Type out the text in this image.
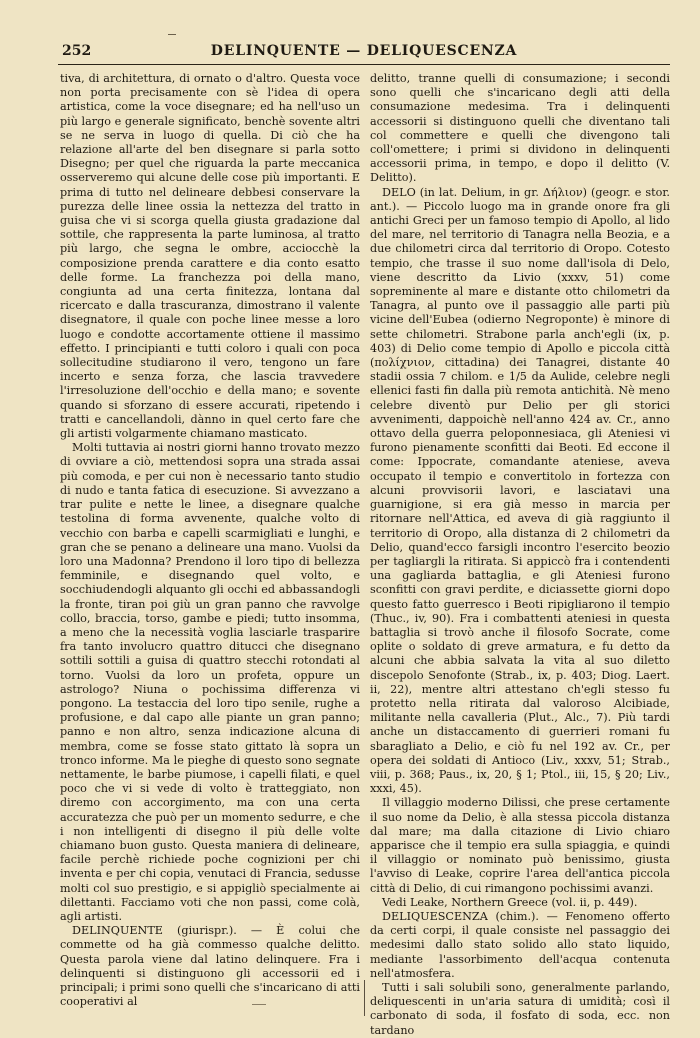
252	DELINQUENTE — DELIQUESCENZA

tiva, di architettura, di ornato o d'altro. Questa voce non porta precisamente con sè l'idea di opera artistica, come la voce disegnare; ed ha nell'uso un più largo e generale significato, benchè sovente altri se ne serva in luogo di quella. Di ciò che ha relazione all'arte del ben disegnare si parla sotto Disegno; per quel che riguarda la parte meccanica osserveremo qui alcune delle cose più importanti. E prima di tutto nel delineare debbesi conservare la purezza delle linee ossia la nettezza del tratto in guisa che vi si scorga quella giusta gradazione dal sottile, che rappresenta la parte luminosa, al tratto più largo, che segna le ombre, acciocchè la composizione prenda carattere e dia conto esatto delle forme. La franchezza poi della mano, congiunta ad una certa finitezza, lontana dal ricercato e dalla trascuranza, dimostrano il valente disegnatore, il quale con poche linee messe a loro luogo e condotte accortamente ottiene il massimo effetto. I principianti e tutti coloro i quali con poca sollecitudine studiarono il vero, tengono un fare incerto e senza forza, che lascia travvedere l'irresoluzione dell'occhio e della mano; e sovente quando si sforzano di essere accurati, ripetendo i tratti e cancellandoli, dànno in quel certo fare che gli artisti volgarmente chiamano masticato.

Molti tuttavia ai nostri giorni hanno trovato mezzo di ovviare a ciò, mettendosi sopra una strada assai più comoda, e per cui non è necessario tanto studio di nudo e tanta fatica di esecuzione. Si avvezzano a trar pulite e nette le linee, a disegnare qualche testolina di forma avvenente, qualche volto di vecchio con barba e capelli scarmigliati e lunghi, e gran che se penano a delineare una mano. Vuolsi da loro una Madonna? Prendono il loro tipo di bellezza femminile, e disegnando quel volto, e socchiudendogli alquanto gli occhi ed abbassandogli la fronte, tiran poi giù un gran panno che ravvolge collo, braccia, torso, gambe e piedi; tutto insomma, a meno che la necessità voglia lasciarle trasparire fra tanto involucro quattro ditucci che disegnano sottili sottili a guisa di quattro stecchi rotondati al torno. Vuolsi da loro un profeta, oppure un astrologo? Niuna o pochissima differenza vi pongono. La testaccia del loro tipo senile, rughe a profusione, e dal capo alle piante un gran panno; panno e non altro, senza indicazione alcuna di membra, come se fosse stato gittato là sopra un tronco informe. Ma le pieghe di questo sono segnate nettamente, le barbe piumose, i capelli filati, e quel poco che vi si vede di volto è tratteggiato, non diremo con accorgimento, ma con una certa accuratezza che può per un momento sedurre, e che i non intelligenti di disegno il più delle volte chiamano buon gusto. Questa maniera di delineare, facile perchè richiede poche cognizioni per chi inventa e per chi copia, venutaci di Francia, sedusse molti col suo prestigio, e si appigliò specialmente ai dilettanti. Facciamo voti che non passi, come colà, agli artisti.

DELINQUENTE (giurispr.). — È colui che commette od ha già commesso qualche delitto. Questa parola viene dal latino delinquere. Fra i delinquenti si distinguono gli accessorii ed i principali; i primi sono quelli che s'incaricano di atti cooperativi al

delitto, tranne quelli di consumazione; i secondi sono quelli che s'incaricano degli atti della consumazione medesima. Tra i delinquenti accessorii si distinguono quelli che diventano tali col commettere e quelli che divengono tali coll'omettere; i primi si dividono in delinquenti accessorii prima, in tempo, e dopo il delitto (V. Delitto).

DELO (in lat. Delium, in gr. Δήλιον) (geogr. e stor. ant.). — Piccolo luogo ma in grande onore fra gli antichi Greci per un famoso tempio di Apollo, al lido del mare, nel territorio di Tanagra nella Beozia, e a due chilometri circa dal territorio di Oropo. Cotesto tempio, che trasse il suo nome dall'isola di Delo, viene descritto da Livio (xxxv, 51) come sopreminente al mare e distante otto chilometri da Tanagra, al punto ove il passaggio alle parti più vicine dell'Eubea (odierno Negroponte) è minore di sette chilometri. Strabone parla anch'egli (ix, p. 403) di Delio come tempio di Apollo e piccola città (πολίχνιον, cittadina) dei Tanagrei, distante 40 stadii ossia 7 chilom. e 1/5 da Aulide, celebre negli ellenici fasti fin dalla più remota antichità. Nè meno celebre diventò pur Delio per gli storici avvenimenti, dappoichè nell'anno 424 av. Cr., anno ottavo della guerra peloponnesiaca, gli Ateniesi vi furono pienamente sconfitti dai Beoti. Ed eccone il come: Ippocrate, comandante ateniese, aveva occupato il tempio e convertitolo in fortezza con alcuni provvisorii lavori, e lasciatavi una guarnigione, si era già messo in marcia per ritornare nell'Attica, ed aveva di già raggiunto il territorio di Oropo, alla distanza di 2 chilometri da Delio, quand'ecco farsigli incontro l'esercito beozio per tagliargli la ritirata. Si appiccò fra i contendenti una gagliarda battaglia, e gli Ateniesi furono sconfitti con gravi perdite, e diciassette giorni dopo questo fatto guerresco i Beoti ripigliarono il tempio (Thuc., iv, 90). Fra i combattenti ateniesi in questa battaglia si trovò anche il filosofo Socrate, come oplite o soldato di greve armatura, e fu detto da alcuni che abbia salvata la vita al suo diletto discepolo Senofonte (Strab., ix, p. 403; Diog. Laert. ii, 22), mentre altri attestano ch'egli stesso fu protetto nella ritirata dal valoroso Alcibiade, militante nella cavalleria (Plut., Alc., 7). Più tardi anche un distaccamento di guerrieri romani fu sbaragliato a Delio, e ciò fu nel 192 av. Cr., per opera dei soldati di Antioco (Liv., xxxv, 51; Strab., viii, p. 368; Paus., ix, 20, § 1; Ptol., iii, 15, § 20; Liv., xxxi, 45).

Il villaggio moderno Dilissi, che prese certamente il suo nome da Delio, è alla stessa piccola distanza dal mare; ma dalla citazione di Livio chiaro apparisce che il tempio era sulla spiaggia, e quindi il villaggio or nominato può benissimo, giusta l'avviso di Leake, coprire l'area dell'antica piccola città di Delio, di cui rimangono pochissimi avanzi.

Vedi Leake, Northern Greece (vol. ii, p. 449).

DELIQUESCENZA (chim.). — Fenomeno offerto da certi corpi, il quale consiste nel passaggio dei medesimi dallo stato solido allo stato liquido, mediante l'assorbimento dell'acqua contenuta nell'atmosfera.

Tutti i sali solubili sono, generalmente parlando, deliquescenti in un'aria satura di umidità; così il carbonato di soda, il fosfato di soda, ecc. non tardano
